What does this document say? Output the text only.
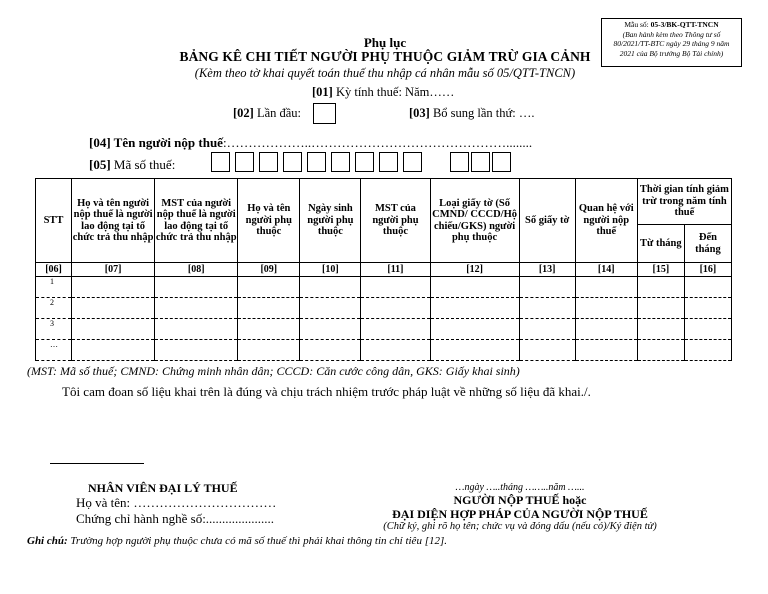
Mẫu số: 05-3/BK-QTT-TNCN
(Ban hành kèm theo Thông tư số
80/2021/TT-BTC ngày 29 tháng 9 năm
2021 của Bộ trưởng Bộ Tài chính)
Phụ lục
BẢNG KÊ CHI TIẾT NGƯỜI PHỤ THUỘC GIẢM TRỪ GIA CẢNH
(Kèm theo tờ khai quyết toán thuế thu nhập cá nhân mẫu số 05/QTT-TNCN)
[01] Kỳ tính thuế: Năm……
[02] Lần đầu:	[03] Bổ sung lần thứ: ….
[04] Tên người nộp thuế:………………..………………………………………........
[05] Mã số thuế:
STT	Họ và tên người nộp thuế là người lao động tại tổ chức trả thu nhập	MST của người nộp thuế là người lao động tại tổ chức trả thu nhập	Họ và tên người phụ thuộc	Ngày sinh người phụ thuộc	MST của người phụ thuộc	Loại giấy tờ (Số CMND/ CCCD/Hộ chiếu/GKS) người phụ thuộc	Số giấy tờ	Quan hệ với người nộp thuế	Thời gian tính giảm trừ trong năm tính thuế	
									Từ tháng	Đến tháng
[06]	[07]	[08]	[09]	[10]	[11]	[12]	[13]	[14]	[15]	[16]
1										
2										
3										
…										
(MST: Mã số thuế; CMND: Chứng minh nhân dân; CCCD: Căn cước công dân, GKS: Giấy khai sinh)
Tôi cam đoan số liệu khai trên là đúng và chịu trách nhiệm trước pháp luật về những số liệu đã khai./.
NHÂN VIÊN ĐẠI LÝ THUẾ
Họ và tên: ……………………………
Chứng chỉ hành nghề số:.....................
…ngày …..tháng ……..năm …...
NGƯỜI NỘP THUẾ hoặc
ĐẠI DIỆN HỢP PHÁP CỦA NGƯỜI NỘP THUẾ
(Chữ ký, ghi rõ họ tên; chức vụ và đóng dấu (nếu có)/Ký điện tử)
Ghi chú: Trường hợp người phụ thuộc chưa có mã số thuế thì phải khai thông tin chỉ tiêu [12].
